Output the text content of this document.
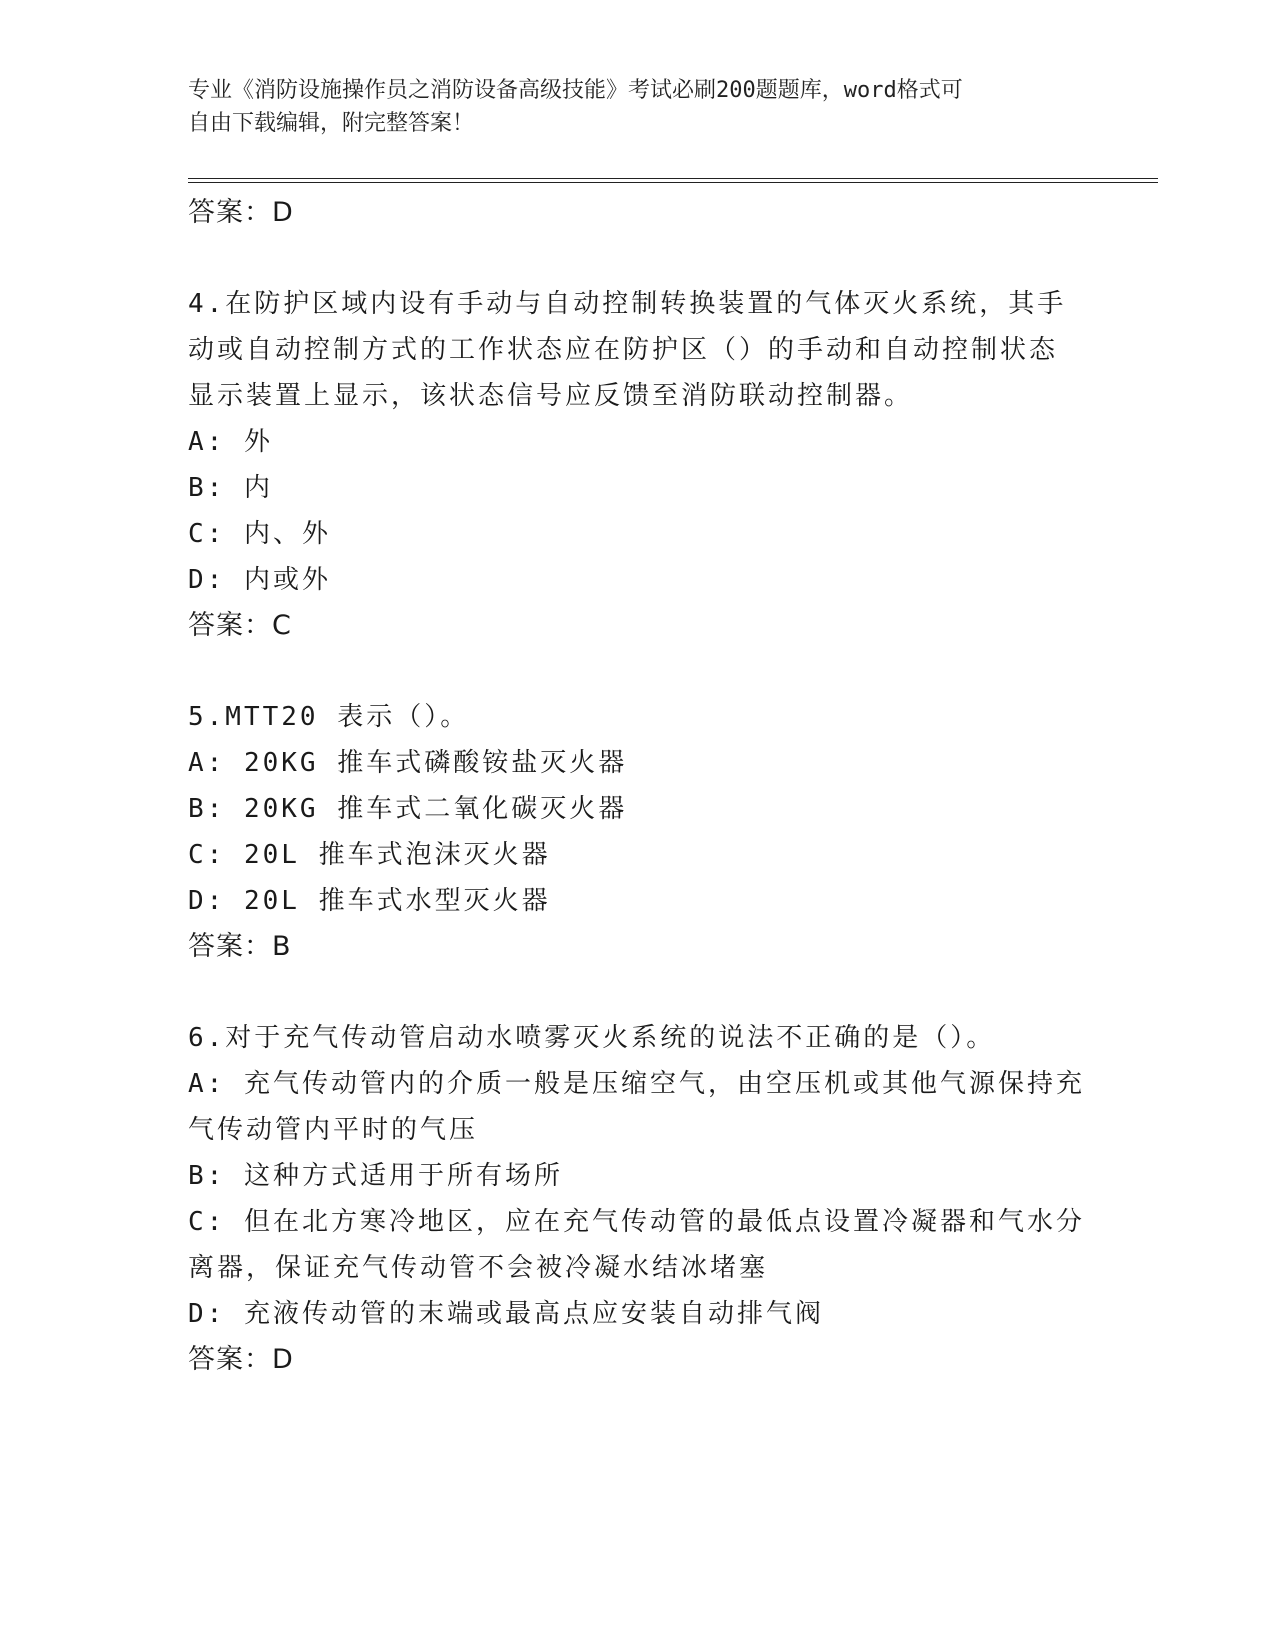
专业《消防设施操作员之消防设备高级技能》考试必刷200题题库，word格式可
自由下载编辑，附完整答案！
答案：D
4.在防护区域内设有手动与自动控制转换装置的气体灭火系统，其手
动或自动控制方式的工作状态应在防护区（）的手动和自动控制状态
显示装置上显示，该状态信号应反馈至消防联动控制器。
A: 外
B: 内
C: 内、外
D: 内或外
答案：C
5.MTT20 表示（）。
A: 20KG 推车式磷酸铵盐灭火器
B: 20KG 推车式二氧化碳灭火器
C: 20L 推车式泡沫灭火器
D: 20L 推车式水型灭火器
答案：B
6.对于充气传动管启动水喷雾灭火系统的说法不正确的是（）。
A: 充气传动管内的介质一般是压缩空气，由空压机或其他气源保持充
气传动管内平时的气压
B: 这种方式适用于所有场所
C: 但在北方寒冷地区，应在充气传动管的最低点设置冷凝器和气水分
离器，保证充气传动管不会被冷凝水结冰堵塞
D: 充液传动管的末端或最高点应安装自动排气阀
答案：D
